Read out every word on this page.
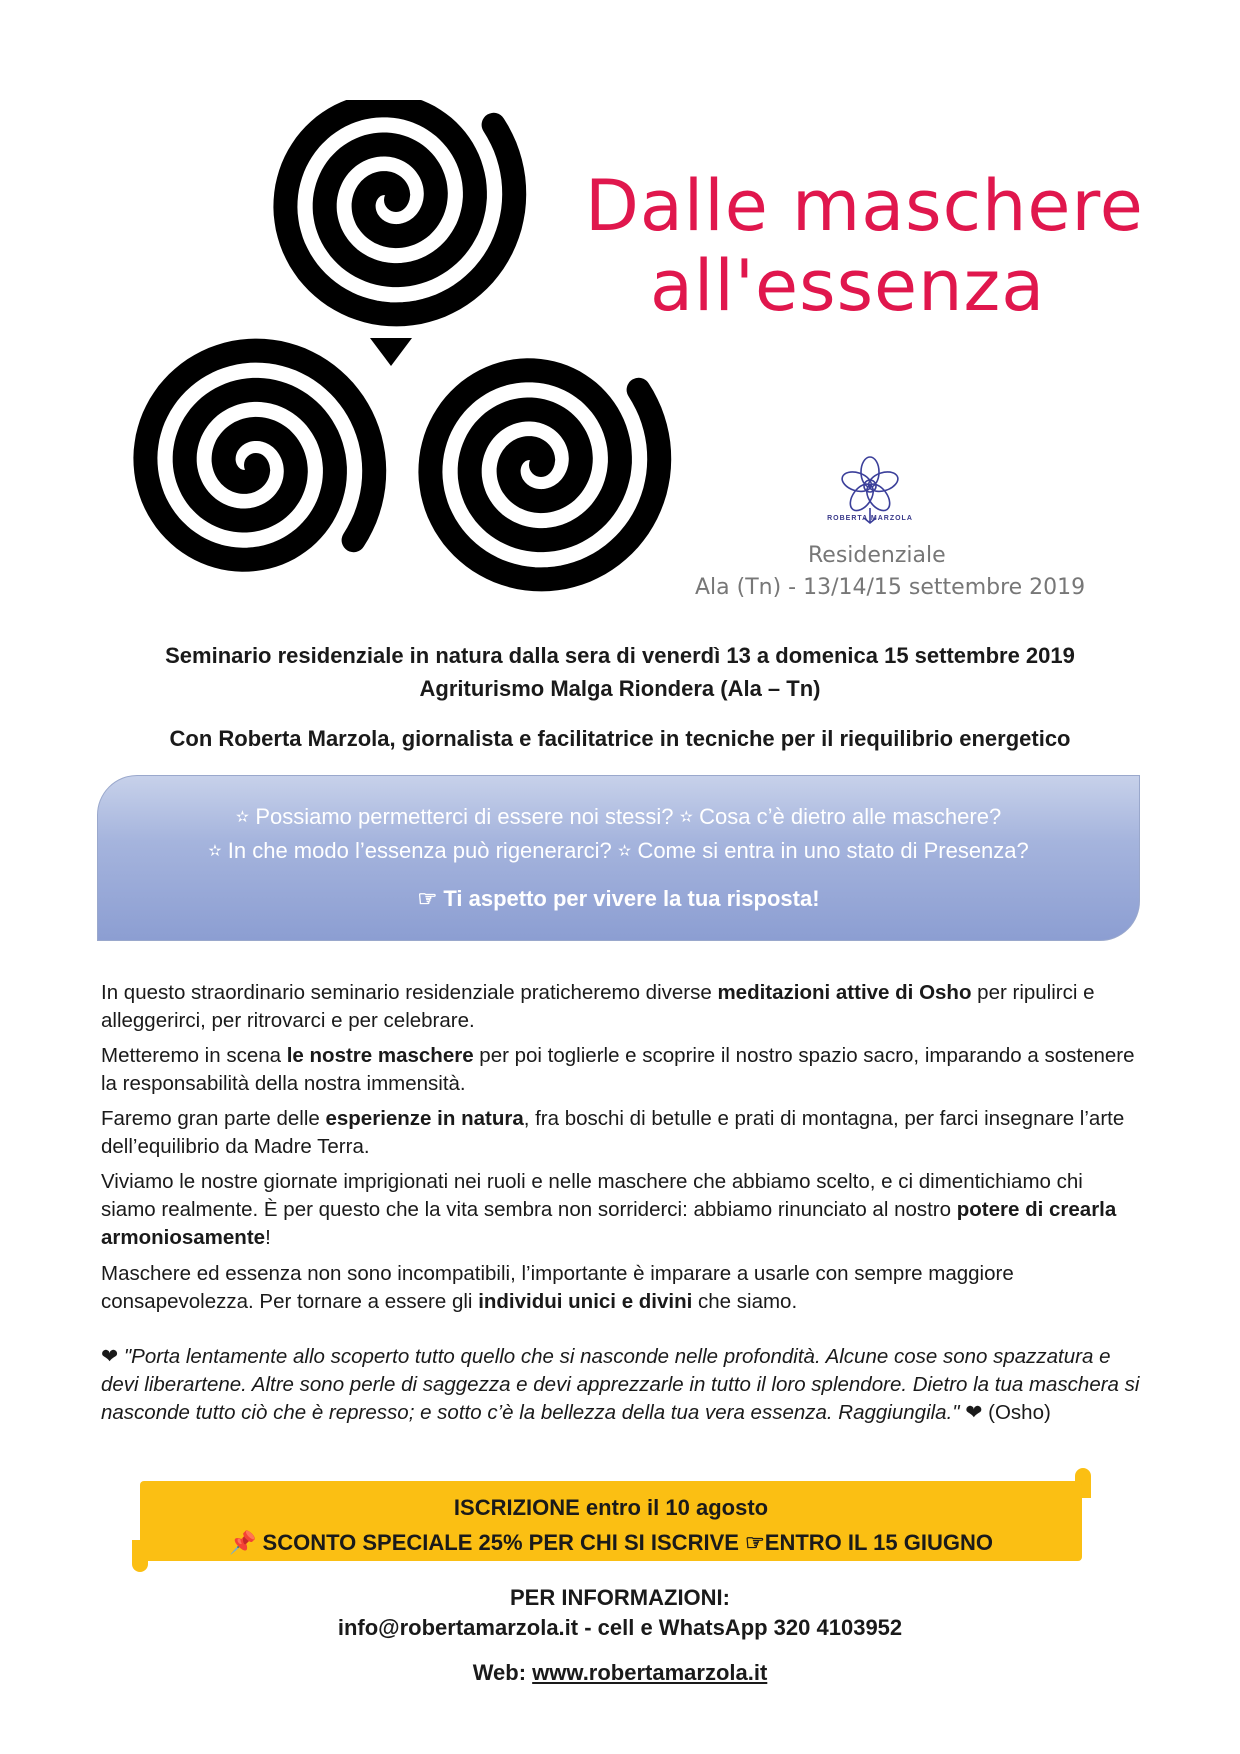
Dalle maschere
all'essenza
ROBERTA MARZOLA
Residenziale
Ala (Tn) - 13/14/15 settembre 2019
Seminario residenziale in natura dalla sera di venerdì 13 a domenica 15 settembre 2019
Agriturismo Malga Riondera (Ala – Tn)
Con Roberta Marzola, giornalista e facilitatrice in tecniche per il riequilibrio energetico
✫ Possiamo permetterci di essere noi stessi? ✫ Cosa c’è dietro alle maschere?
✫ In che modo l’essenza può rigenerarci? ✫ Come si entra in uno stato di Presenza?
☞ Ti aspetto per vivere la tua risposta!
In questo straordinario seminario residenziale praticheremo diverse meditazioni attive di Osho per ripulirci e alleggerirci, per ritrovarci e per celebrare.
Metteremo in scena le nostre maschere per poi toglierle e scoprire il nostro spazio sacro, imparando a sostenere la responsabilità della nostra immensità.
Faremo gran parte delle esperienze in natura, fra boschi di betulle e prati di montagna, per farci insegnare l’arte dell’equilibrio da Madre Terra.
Viviamo le nostre giornate imprigionati nei ruoli e nelle maschere che abbiamo scelto, e ci dimentichiamo chi siamo realmente. È per questo che la vita sembra non sorriderci: abbiamo rinunciato al nostro potere di crearla armoniosamente!
Maschere ed essenza non sono incompatibili, l’importante è imparare a usarle con sempre maggiore consapevolezza. Per tornare a essere gli individui unici e divini che siamo.
❤ "Porta lentamente allo scoperto tutto quello che si nasconde nelle profondità. Alcune cose sono spazzatura e devi liberartene. Altre sono perle di saggezza e devi apprezzarle in tutto il loro splendore. Dietro la tua maschera si nasconde tutto ciò che è represso; e sotto c’è la bellezza della tua vera essenza. Raggiungila." ❤ (Osho)
ISCRIZIONE entro il 10 agosto
📌 SCONTO SPECIALE 25% PER CHI SI ISCRIVE ☞ENTRO IL 15 GIUGNO
PER INFORMAZIONI:
info@robertamarzola.it - cell e WhatsApp 320 4103952
Web: www.robertamarzola.it
